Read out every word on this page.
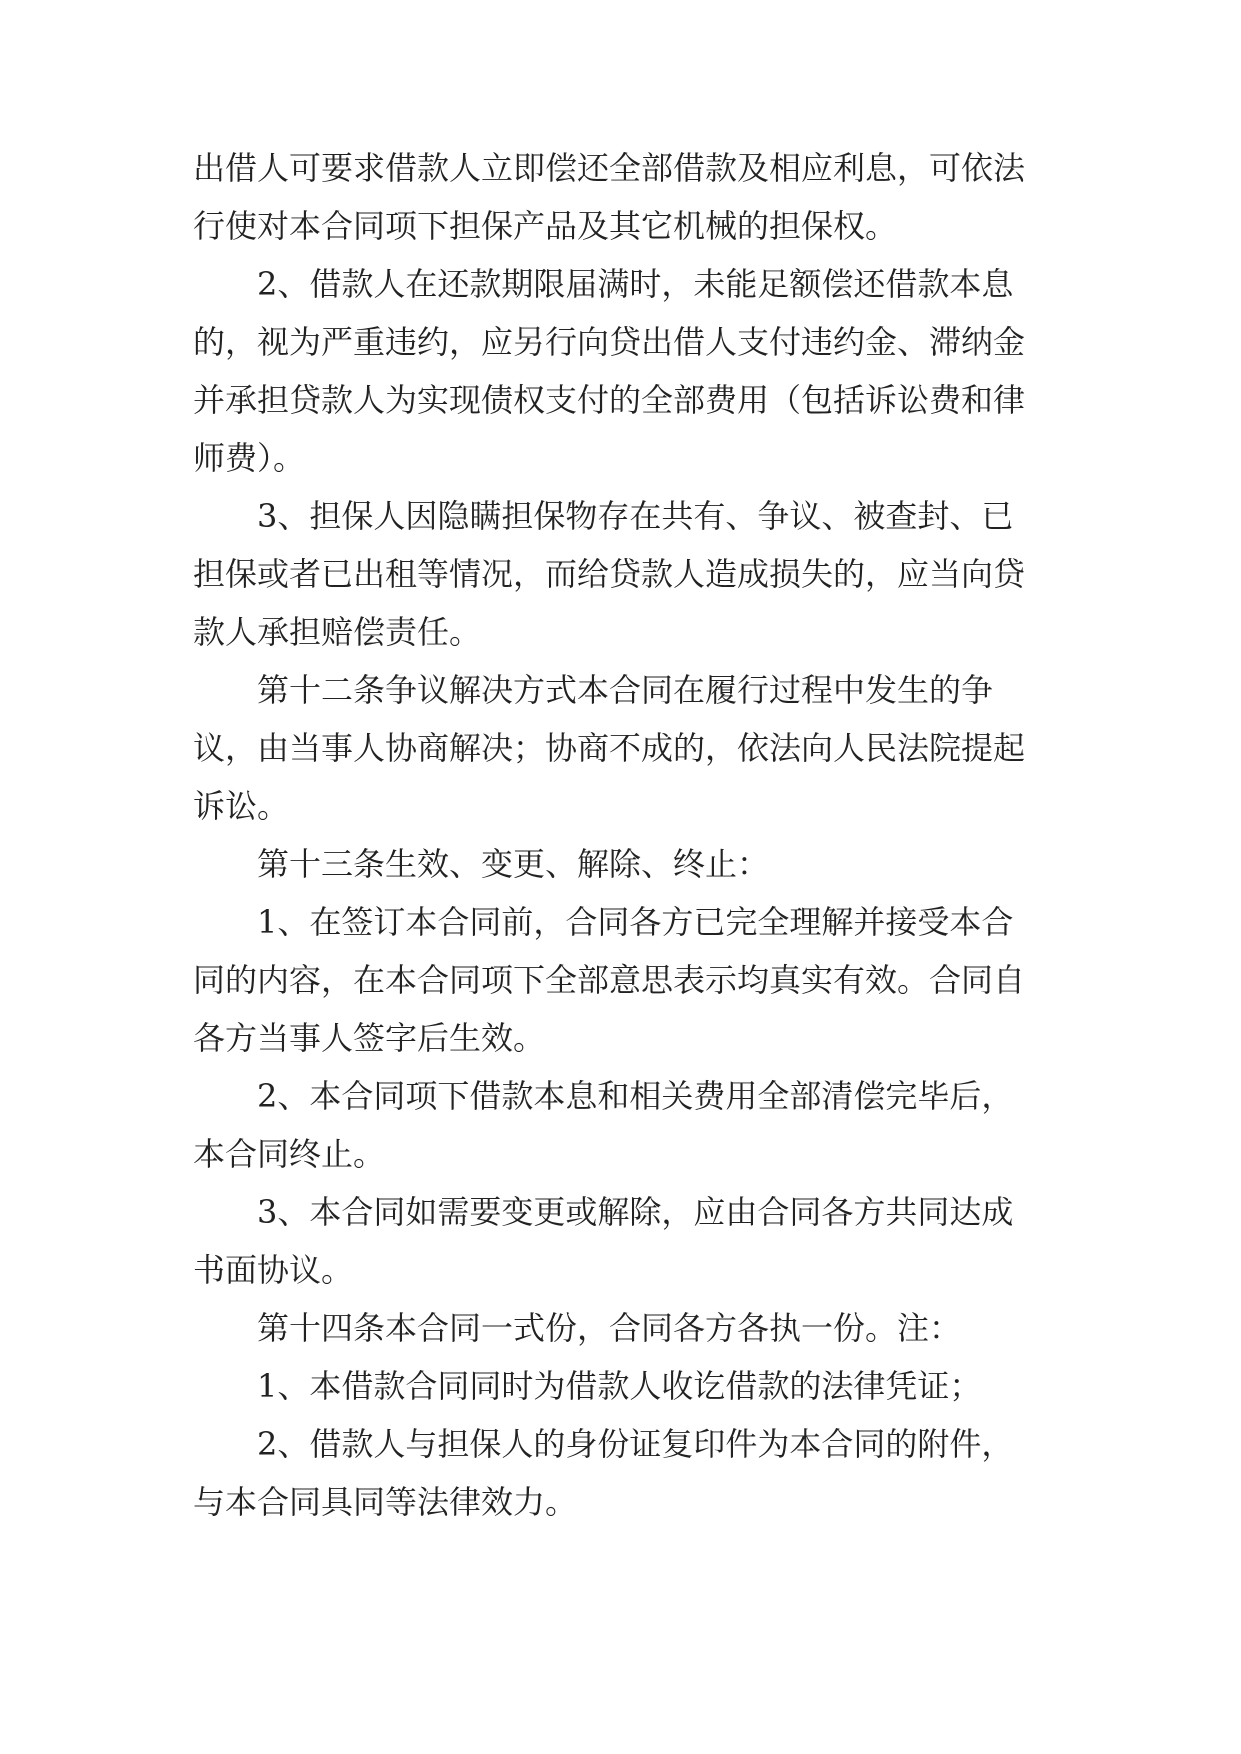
出借人可要求借款人立即偿还全部借款及相应利息，可依法
行使对本合同项下担保产品及其它机械的担保权。
2、借款人在还款期限届满时，未能足额偿还借款本息
的，视为严重违约，应另行向贷出借人支付违约金、滞纳金
并承担贷款人为实现债权支付的全部费用（包括诉讼费和律
师费）。
3、担保人因隐瞒担保物存在共有、争议、被查封、已
担保或者已出租等情况，而给贷款人造成损失的，应当向贷
款人承担赔偿责任。
第十二条争议解决方式本合同在履行过程中发生的争
议，由当事人协商解决；协商不成的，依法向人民法院提起
诉讼。
第十三条生效、变更、解除、终止：
1、在签订本合同前，合同各方已完全理解并接受本合
同的内容，在本合同项下全部意思表示均真实有效。合同自
各方当事人签字后生效。
2、本合同项下借款本息和相关费用全部清偿完毕后，
本合同终止。
3、本合同如需要变更或解除，应由合同各方共同达成
书面协议。
第十四条本合同一式份，合同各方各执一份。注：
1、本借款合同同时为借款人收讫借款的法律凭证；
2、借款人与担保人的身份证复印件为本合同的附件，
与本合同具同等法律效力。
